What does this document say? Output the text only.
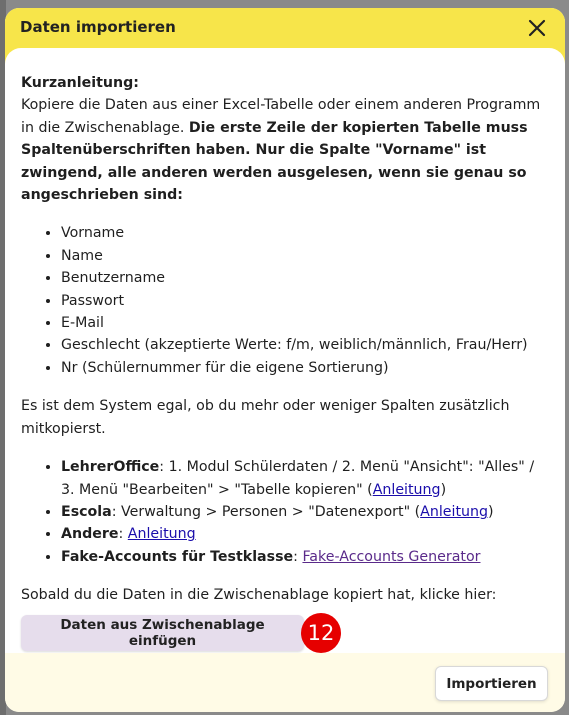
Daten importieren

Kurzanleitung:
Kopiere die Daten aus einer Excel-Tabelle oder einem anderen Programm in die Zwischenablage. Die erste Zeile der kopierten Tabelle muss Spaltenüberschriften haben. Nur die Spalte "Vorname" ist zwingend, alle anderen werden ausgelesen, wenn sie genau so angeschrieben sind:

• Vorname
• Name
• Benutzername
• Passwort
• E-Mail
• Geschlecht (akzeptierte Werte: f/m, weiblich/männlich, Frau/Herr)
• Nr (Schülernummer für die eigene Sortierung)

Es ist dem System egal, ob du mehr oder weniger Spalten zusätzlich mitkopierst.

• LehrerOffice: 1. Modul Schülerdaten / 2. Menü "Ansicht": "Alles" / 3. Menü "Bearbeiten" > "Tabelle kopieren" (Anleitung)
• Escola: Verwaltung > Personen > "Datenexport" (Anleitung)
• Andere: Anleitung
• Fake-Accounts für Testklasse: Fake-Accounts Generator

Sobald du die Daten in die Zwischenablage kopiert hat, klicke hier:

Daten aus Zwischenablage einfügen	12
Importieren
